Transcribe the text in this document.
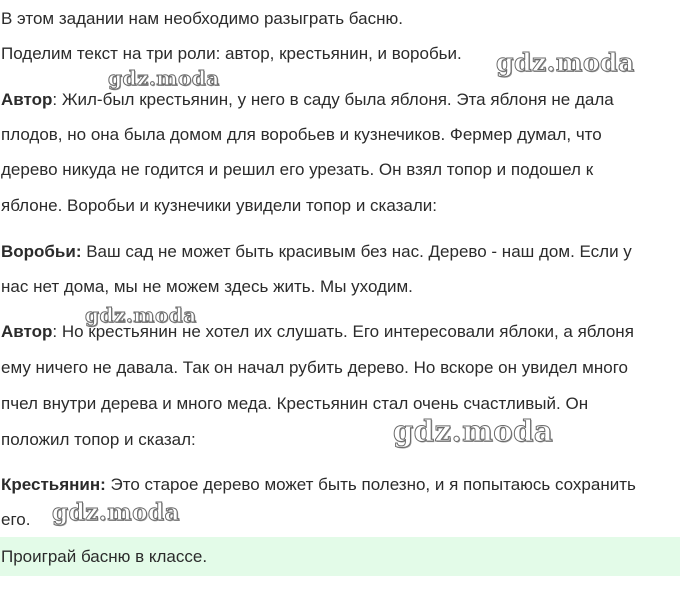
В этом задании нам необходимо разыграть басню.

Поделим текст на три роли: автор, крестьянин, и воробьи.

Автор: Жил-был крестьянин, у него в саду была яблоня. Эта яблоня не дала

плодов, но она была домом для воробьев и кузнечиков. Фермер думал, что

дерево никуда не годится и решил его урезать. Он взял топор и подошел к

яблоне. Воробьи и кузнечики увидели топор и сказали:

Воробьи: Ваш сад не может быть красивым без нас. Дерево - наш дом. Если у

нас нет дома, мы не можем здесь жить. Мы уходим.

Автор: Но крестьянин не хотел их слушать. Его интересовали яблоки, а яблоня

ему ничего не давала. Так он начал рубить дерево. Но вскоре он увидел много

пчел внутри дерева и много меда. Крестьянин стал очень счастливый. Он

положил топор и сказал:

Крестьянин: Это старое дерево может быть полезно, и я попытаюсь сохранить

его.

Проиграй басню в классе.
gdz.moda
gdz.moda
gdz.moda
gdz.moda
gdz.moda
